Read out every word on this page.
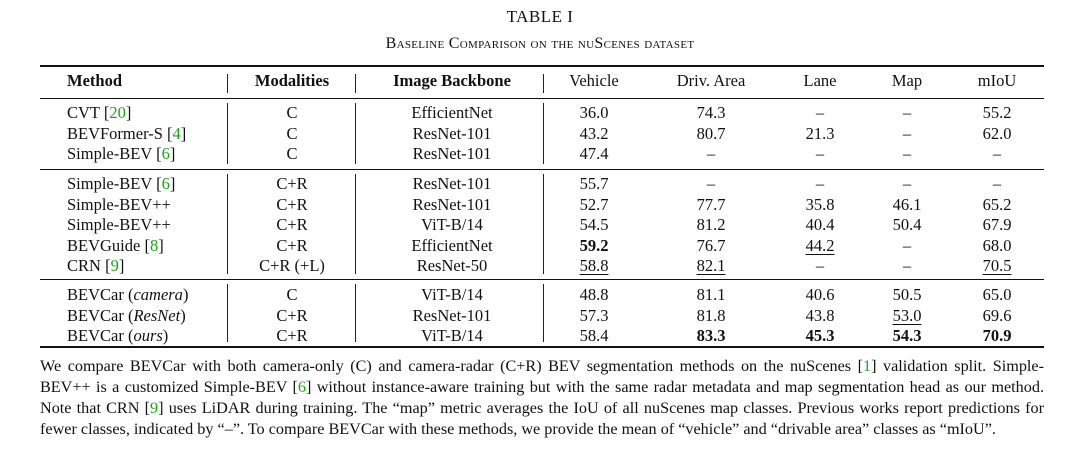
TABLE I
Baseline Comparison on the nuScenes dataset
Method	Modalities	Image Backbone	Vehicle	Driv. Area	Lane	Map	mIoU
CVT [20]	C	EfficientNet	36.0	74.3	–	–	55.2
BEVFormer-S [4]	C	ResNet-101	43.2	80.7	21.3	–	62.0
Simple-BEV [6]	C	ResNet-101	47.4	–	–	–	–
Simple-BEV [6]	C+R	ResNet-101	55.7	–	–	–	–
Simple-BEV++	C+R	ResNet-101	52.7	77.7	35.8	46.1	65.2
Simple-BEV++	C+R	ViT-B/14	54.5	81.2	40.4	50.4	67.9
BEVGuide [8]	C+R	EfficientNet	59.2	76.7	44.2	–	68.0
CRN [9]	C+R (+L)	ResNet-50	58.8	82.1	–	–	70.5
BEVCar (camera)	C	ViT-B/14	48.8	81.1	40.6	50.5	65.0
BEVCar (ResNet)	C+R	ResNet-101	57.3	81.8	43.8	53.0	69.6
BEVCar (ours)	C+R	ViT-B/14	58.4	83.3	45.3	54.3	70.9
We compare BEVCar with both camera-only (C) and camera-radar (C+R) BEV segmentation methods on the nuScenes [1] validation split. Simple-BEV++ is a customized Simple-BEV [6] without instance-aware training but with the same radar metadata and map segmentation head as our method. Note that CRN [9] uses LiDAR during training. The “map” metric averages the IoU of all nuScenes map classes. Previous works report predictions for fewer classes, indicated by “–”. To compare BEVCar with these methods, we provide the mean of “vehicle” and “drivable area” classes as “mIoU”.
